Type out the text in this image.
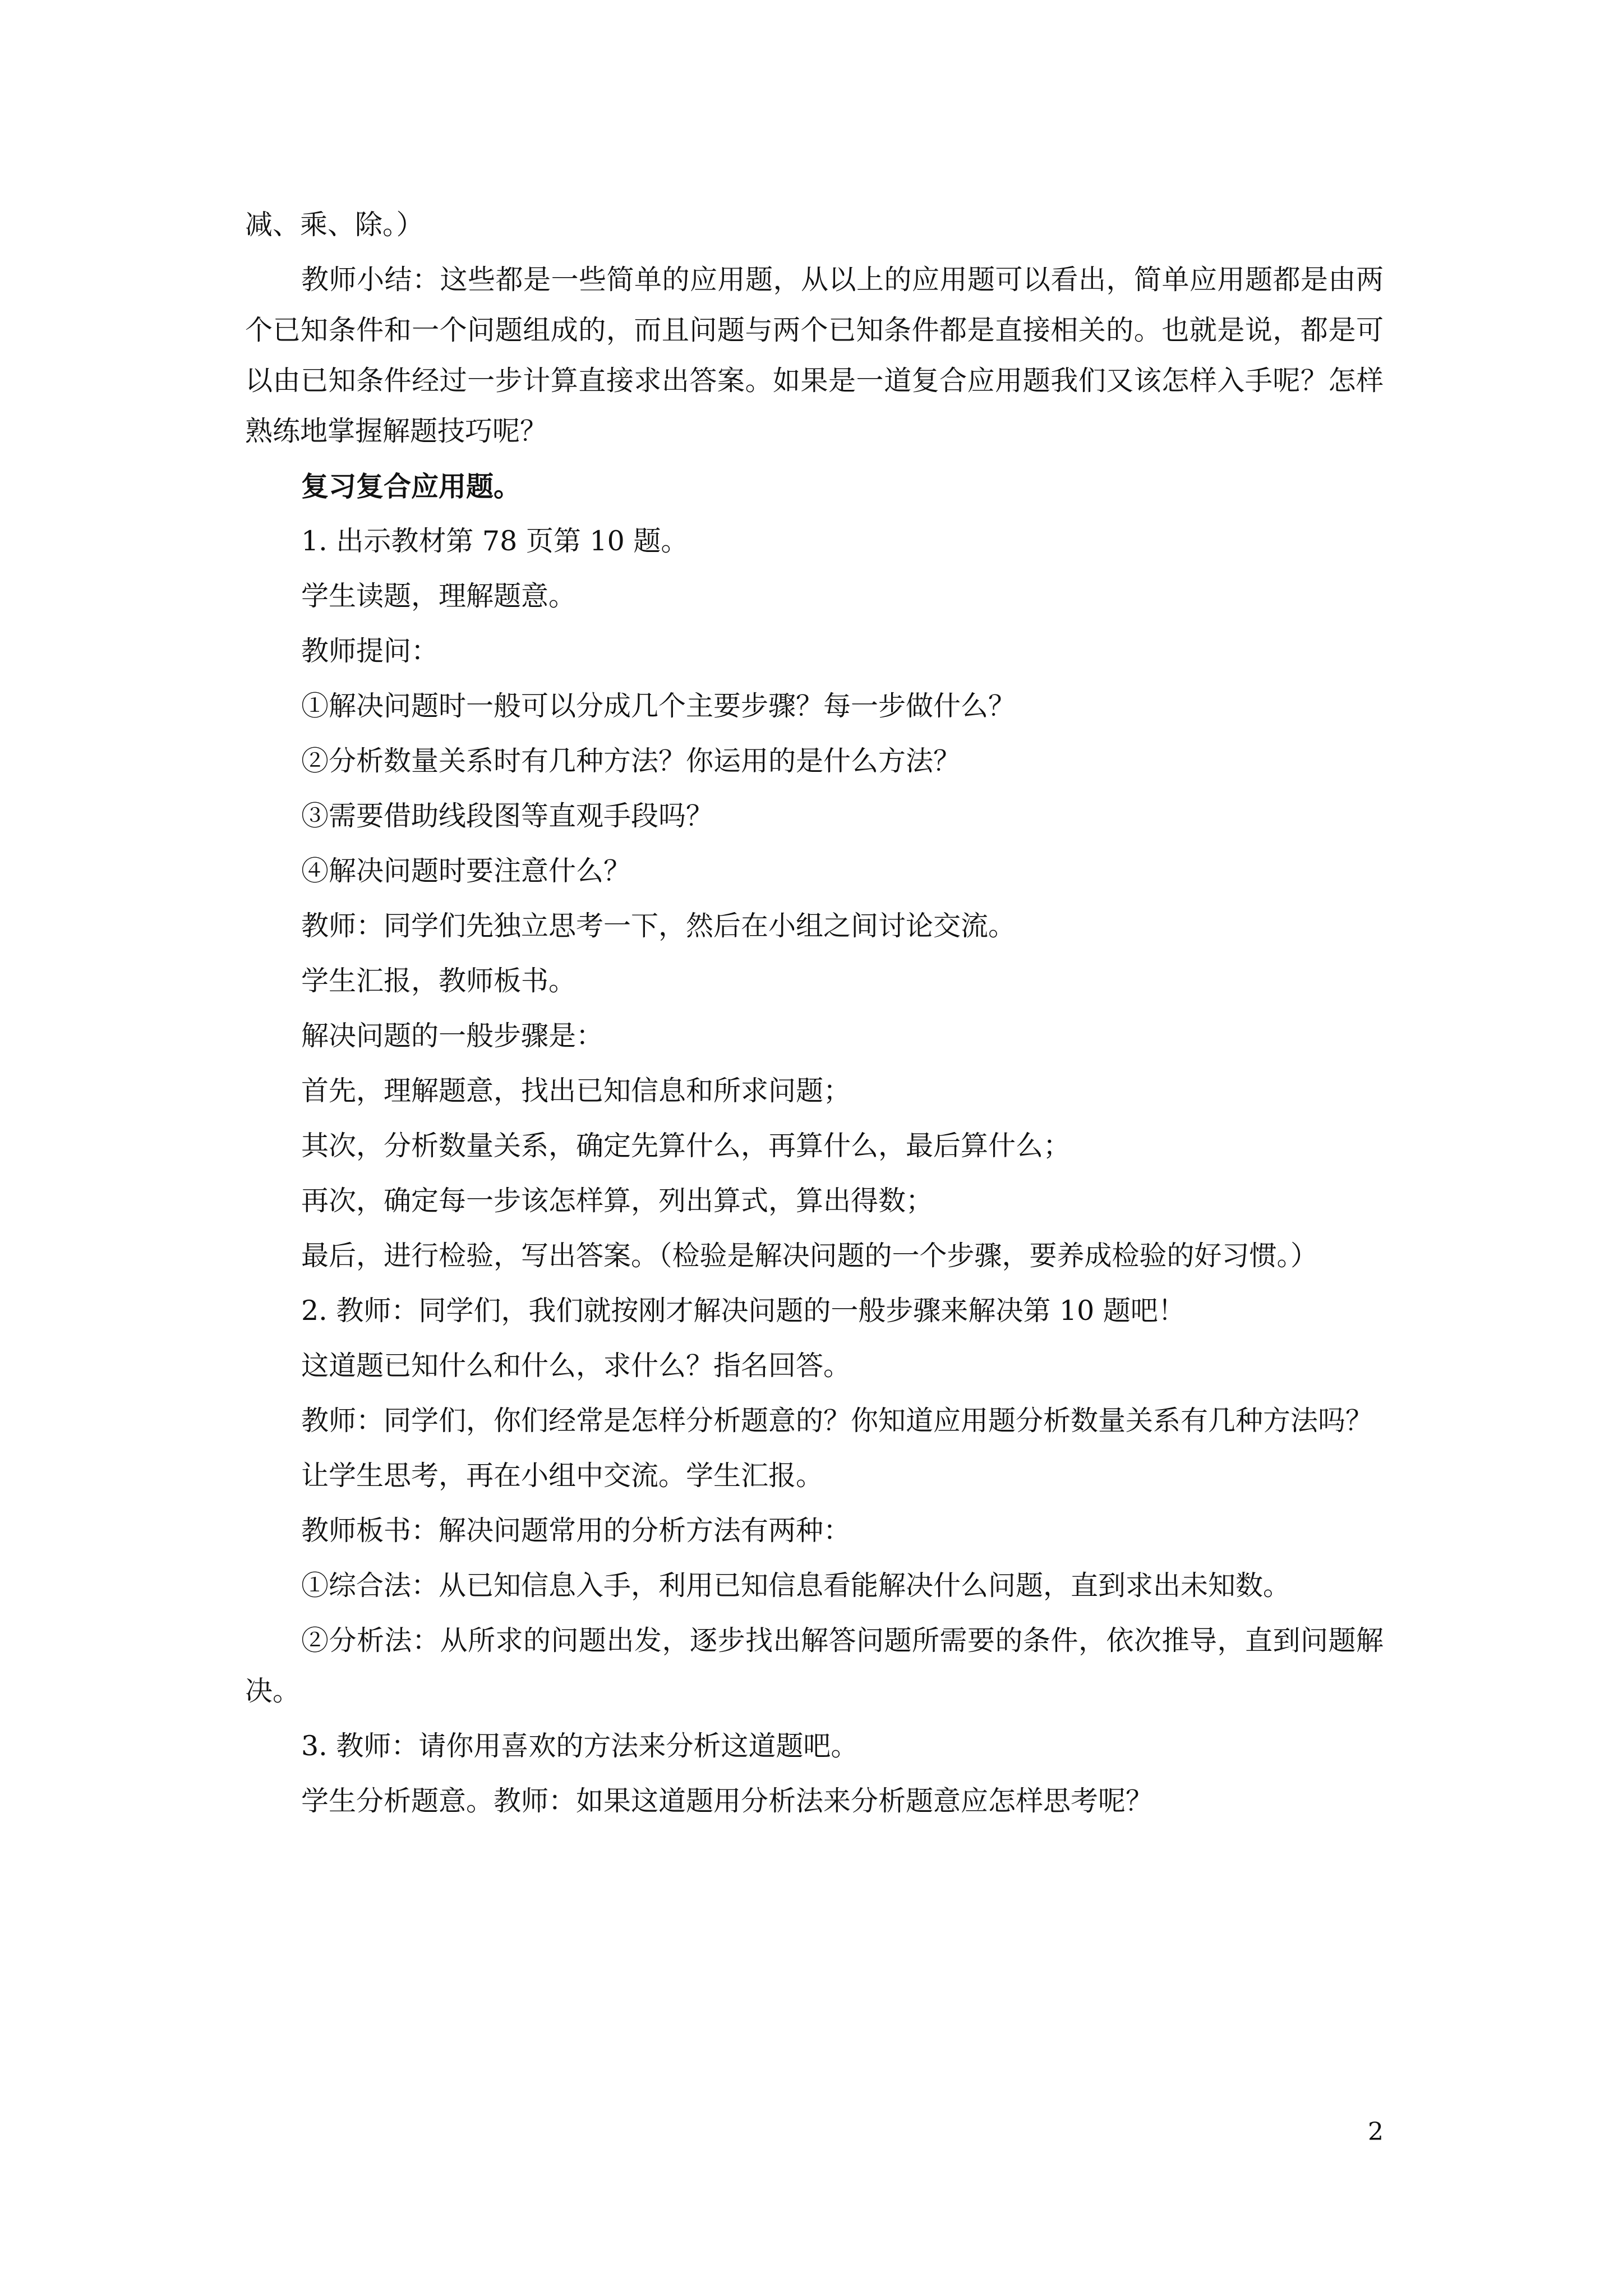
减、乘、除。）

教师小结：这些都是一些简单的应用题，从以上的应用题可以看出，简单应用题都是由两个已知条件和一个问题组成的，而且问题与两个已知条件都是直接相关的。也就是说，都是可以由已知条件经过一步计算直接求出答案。如果是一道复合应用题我们又该怎样入手呢？怎样熟练地掌握解题技巧呢？

复习复合应用题。

1. 出示教材第 78 页第 10 题。

学生读题，理解题意。

教师提问：

①解决问题时一般可以分成几个主要步骤？每一步做什么？

②分析数量关系时有几种方法？你运用的是什么方法？

③需要借助线段图等直观手段吗？

④解决问题时要注意什么？

教师：同学们先独立思考一下，然后在小组之间讨论交流。

学生汇报，教师板书。

解决问题的一般步骤是：

首先，理解题意，找出已知信息和所求问题；

其次，分析数量关系，确定先算什么，再算什么，最后算什么；

再次，确定每一步该怎样算，列出算式，算出得数；

最后，进行检验，写出答案。（检验是解决问题的一个步骤，要养成检验的好习惯。）

2. 教师：同学们，我们就按刚才解决问题的一般步骤来解决第 10 题吧！

这道题已知什么和什么，求什么？指名回答。

教师：同学们，你们经常是怎样分析题意的？你知道应用题分析数量关系有几种方法吗？

让学生思考，再在小组中交流。学生汇报。

教师板书：解决问题常用的分析方法有两种：

①综合法：从已知信息入手，利用已知信息看能解决什么问题，直到求出未知数。

②分析法：从所求的问题出发，逐步找出解答问题所需要的条件，依次推导，直到问题解决。

3. 教师：请你用喜欢的方法来分析这道题吧。

学生分析题意。教师：如果这道题用分析法来分析题意应怎样思考呢？

2
